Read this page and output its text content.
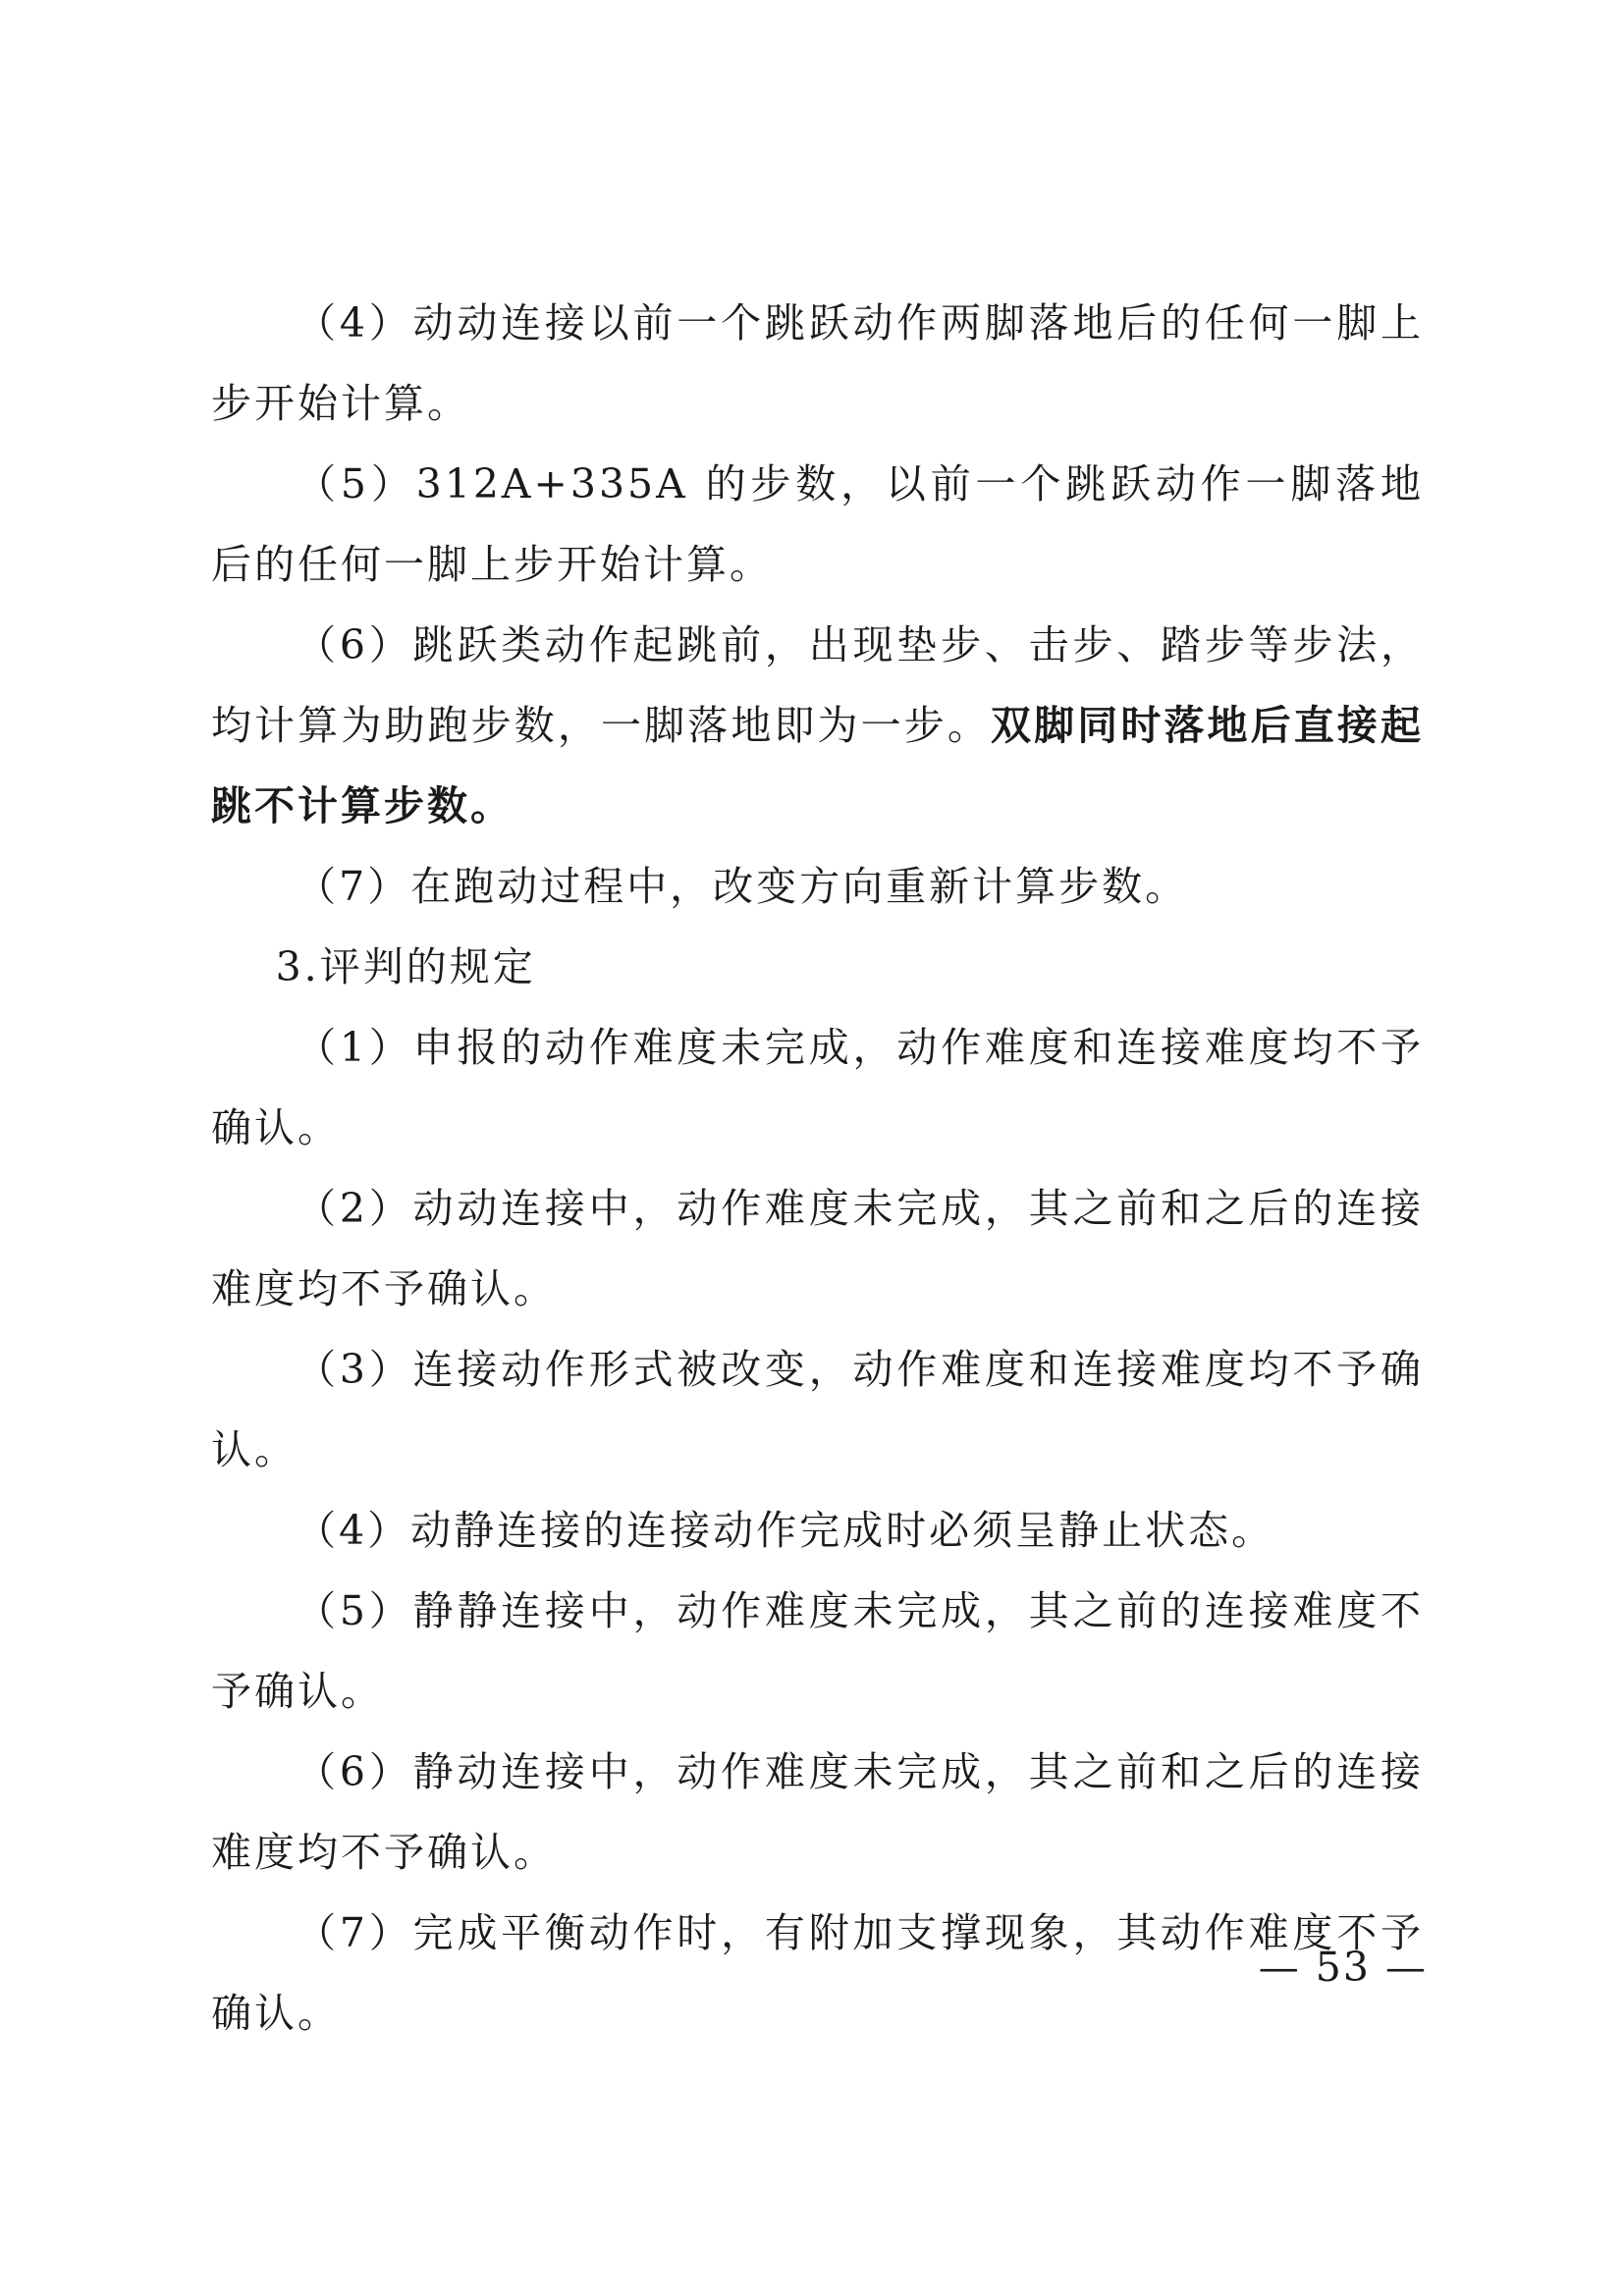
（4）动动连接以前一个跳跃动作两脚落地后的任何一脚上步开始计算。

（5）312A+335A 的步数，以前一个跳跃动作一脚落地后的任何一脚上步开始计算。

（6）跳跃类动作起跳前，出现垫步、击步、踏步等步法，均计算为助跑步数，一脚落地即为一步。双脚同时落地后直接起跳不计算步数。

（7）在跑动过程中，改变方向重新计算步数。

3.评判的规定

（1）申报的动作难度未完成，动作难度和连接难度均不予确认。

（2）动动连接中，动作难度未完成，其之前和之后的连接难度均不予确认。

（3）连接动作形式被改变，动作难度和连接难度均不予确认。

（4）动静连接的连接动作完成时必须呈静止状态。

（5）静静连接中，动作难度未完成，其之前的连接难度不予确认。

（6）静动连接中，动作难度未完成，其之前和之后的连接难度均不予确认。

（7）完成平衡动作时，有附加支撑现象，其动作难度不予确认。

— 53 —
